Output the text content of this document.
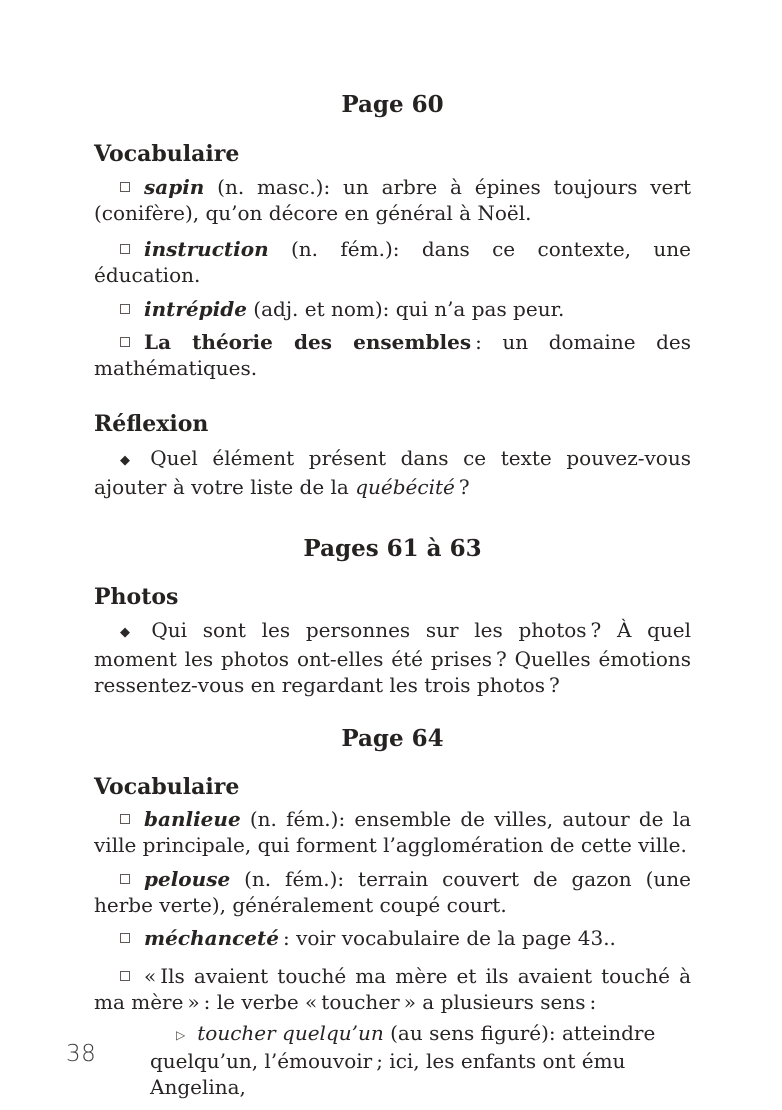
Page 60
Vocabulaire

sapin (n. masc.): un arbre à épines toujours vert (conifère), qu’on décore en général à Noël.

instruction (n. fém.): dans ce contexte, une éducation.

intrépide (adj. et nom): qui n’a pas peur.

La théorie des ensembles : un domaine des mathématiques.

Réflexion

◆ Quel élément présent dans ce texte pouvez-vous ajouter à votre liste de la québécité ?

Pages 61 à 63
Photos

◆ Qui sont les personnes sur les photos ? À quel moment les photos ont-elles été prises ? Quelles émotions ressentez-vous en regardant les trois photos ?

Page 64
Vocabulaire

banlieue (n. fém.): ensemble de villes, autour de la ville principale, qui forment l’agglomération de cette ville.

pelouse (n. fém.): terrain couvert de gazon (une herbe verte), généralement coupé court.

méchanceté : voir vocabulaire de la page 43..

« Ils avaient touché ma mère et ils avaient touché à ma mère » : le verbe « toucher » a plusieurs sens :

▷ toucher quelqu’un (au sens figuré): atteindre quelqu’un, l’émouvoir ; ici, les enfants ont ému Angelina,

38
